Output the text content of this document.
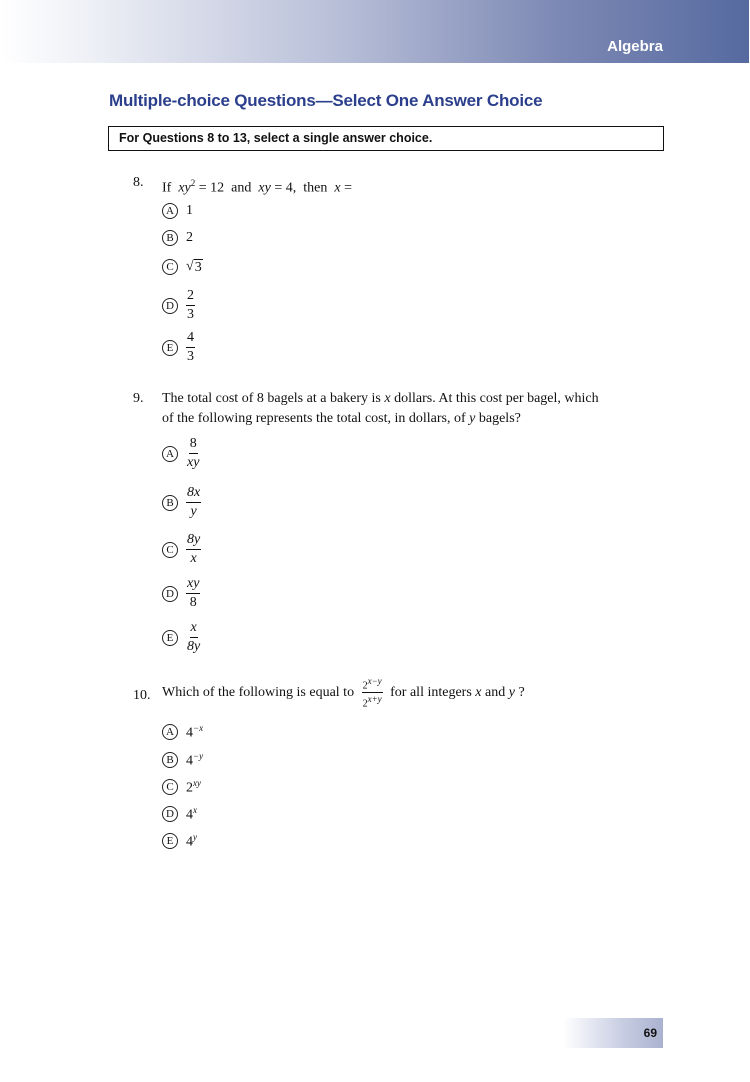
Algebra
Multiple-choice Questions—Select One Answer Choice
For Questions 8 to 13, select a single answer choice.
8. If $xy^2 = 12$ and xy = 4, then x =
A 1
B 2
C √ 3
D $\frac{2}{3}$
E $\frac{4}{3}$
9. The total cost of 8 bagels at a bakery is x dollars. At this cost per bagel, which
of the following represents the total cost, in dollars, of y bagels?
A $\frac{8}{xy}$
B $\frac{8x}{y}$
C $\frac{8y}{x}$
D $\frac{xy}{8}$
E $\frac{x}{8y}$
10. Which of the following is equal to
$\frac{2^{x-y}}{2^{x+y}}$
for all integers
x
and
y
?
A $4^{-x}$
B $4^{-y}$
C $2^{xy}$
D 4$^x$
E 4$^y$
69
